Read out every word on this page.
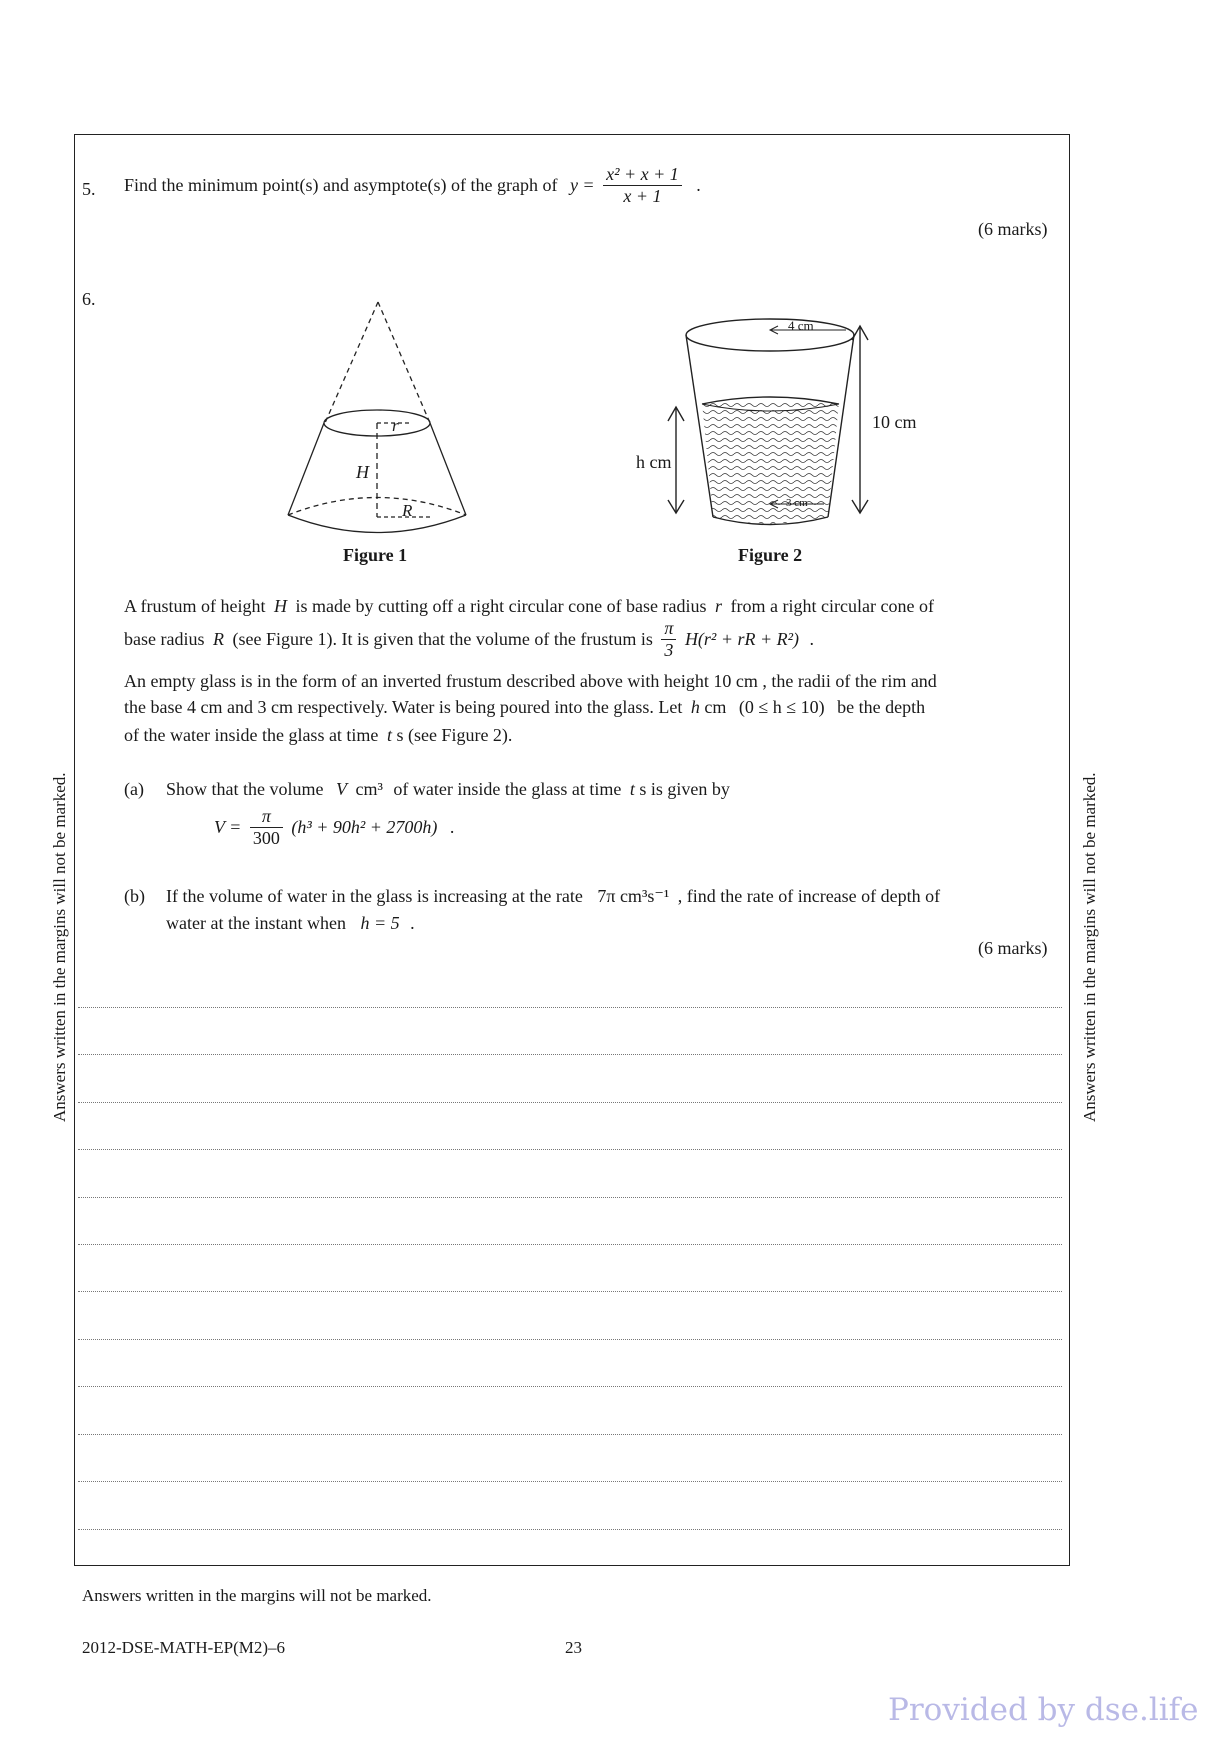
Answers written in the margins will not be marked.	Answers written in the margins will not be marked.
5. Find the minimum point(s) and asymptote(s) of the graph of $y = \frac{\text{x² + x + 1}}{x + 1}$ .
(6 marks)
6.
r
H
R
Figure 1
4 cm
10 cm
h cm
3 cm
Figure 2
A frustum of height H is made by cutting off a right circular cone of base radius r from a right circular cone of
base radius R (see Figure 1). It is given that the volume of the frustum is $\frac{\pi}{3} H(r^2$ + rR + R²) .
An empty glass is in the form of an inverted frustum described above with height 10 cm , the radii of the rim and
the base 4 cm and 3 cm respectively. Water is being poured into the glass. Let h cm (0 ≤ h ≤ 10) be the depth
of the water inside the glass at time t s (see Figure 2).
(a) Show that the volume V cm³ of water inside the glass at time t s is given by
$V = \frac{\pi}{300} (h^3 + 90h^2 + 2700h)$ .
(b) If the volume of water in the glass is increasing at the rate 7π cm³s⁻¹ , find the rate of increase of depth of
water at the instant when h = 5 .
(6 marks)
Answers written in the margins will not be marked.
2012-DSE-MATH-EP(M2)–6	23
Provided by dse.life
